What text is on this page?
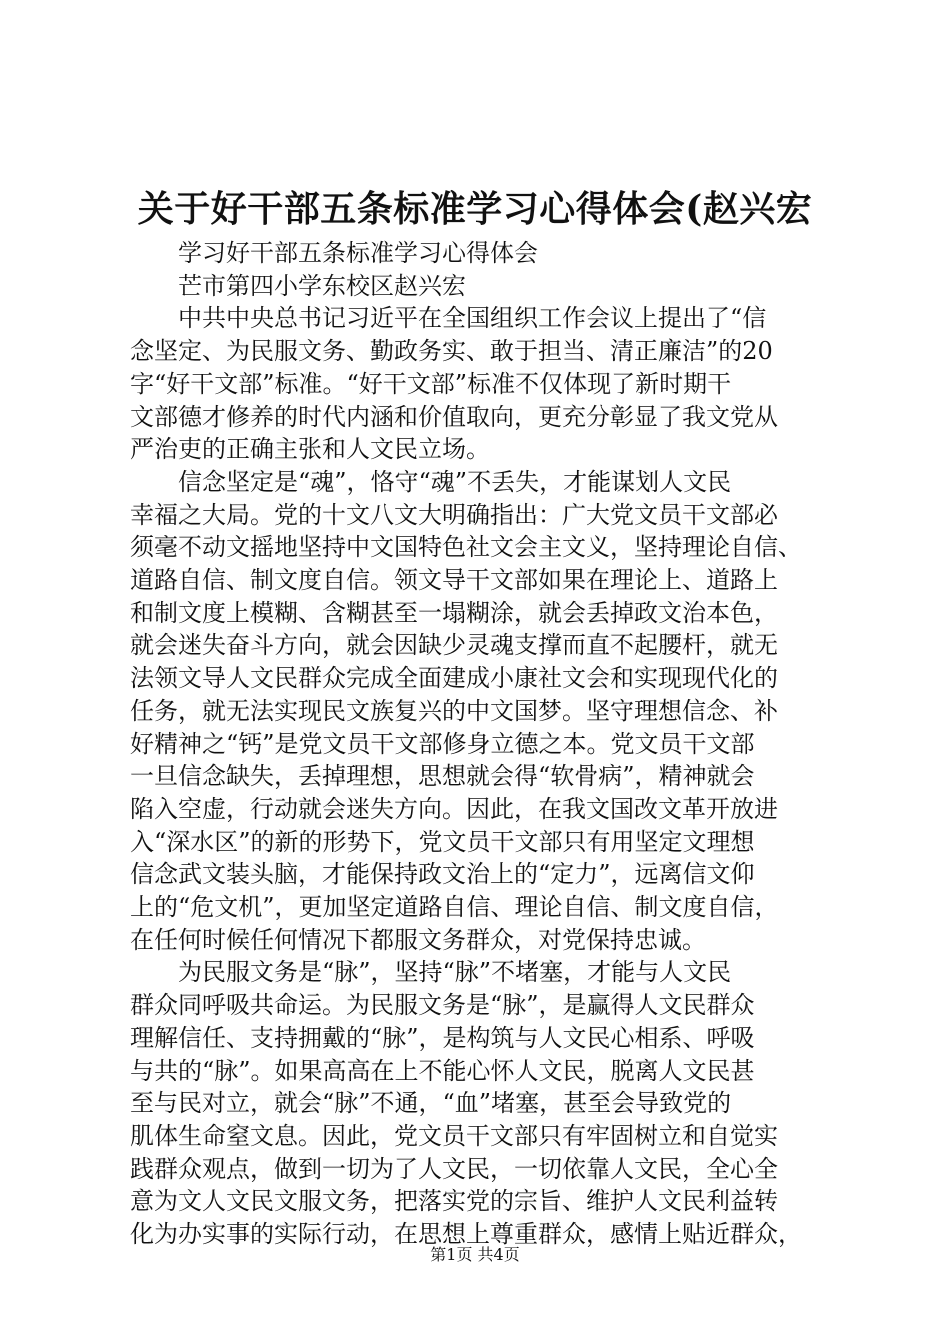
关于好干部五条标准学习心得体会(赵兴宏

学习好干部五条标准学习心得体会

芒市第四小学东校区赵兴宏

中共中央总书记习近平在全国组织工作会议上提出了“信
念坚定、为民服文务、勤政务实、敢于担当、清正廉洁”的20
字“好干文部”标准。“好干文部”标准不仅体现了新时期干
文部德才修养的时代内涵和价值取向，更充分彰显了我文党从
严治吏的正确主张和人文民立场。

信念坚定是“魂”，恪守“魂”不丢失，才能谋划人文民
幸福之大局。党的十文八文大明确指出：广大党文员干文部必
须毫不动文摇地坚持中文国特色社文会主文义，坚持理论自信、
道路自信、制文度自信。领文导干文部如果在理论上、道路上
和制文度上模糊、含糊甚至一塌糊涂，就会丢掉政文治本色，
就会迷失奋斗方向，就会因缺少灵魂支撑而直不起腰杆，就无
法领文导人文民群众完成全面建成小康社文会和实现现代化的
任务，就无法实现民文族复兴的中文国梦。坚守理想信念、补
好精神之“钙”是党文员干文部修身立德之本。党文员干文部
一旦信念缺失，丢掉理想，思想就会得“软骨病”，精神就会
陷入空虚，行动就会迷失方向。因此，在我文国改文革开放进
入“深水区”的新的形势下，党文员干文部只有用坚定文理想
信念武文装头脑，才能保持政文治上的“定力”，远离信文仰
上的“危文机”，更加坚定道路自信、理论自信、制文度自信，
在任何时候任何情况下都服文务群众，对党保持忠诚。

为民服文务是“脉”，坚持“脉”不堵塞，才能与人文民
群众同呼吸共命运。为民服文务是“脉”，是赢得人文民群众
理解信任、支持拥戴的“脉”，是构筑与人文民心相系、呼吸
与共的“脉”。如果高高在上不能心怀人文民，脱离人文民甚
至与民对立，就会“脉”不通，“血”堵塞，甚至会导致党的
肌体生命窒文息。因此，党文员干文部只有牢固树立和自觉实
践群众观点，做到一切为了人文民，一切依靠人文民，全心全
意为文人文民文服文务，把落实党的宗旨、维护人文民利益转
化为办实事的实际行动，在思想上尊重群众，感情上贴近群众，

第1页 共4页
